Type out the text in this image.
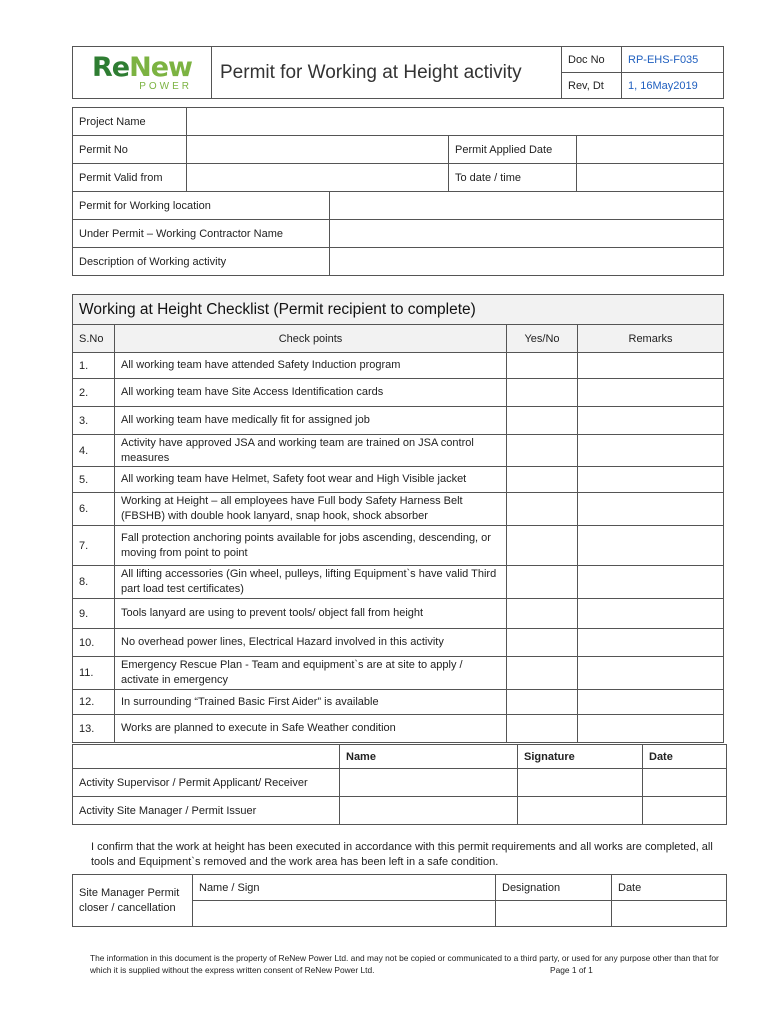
ReNew
POWER	Permit for Working at Height activity	Doc No	RP-EHS-F035
		Rev, Dt	1, 16May2019
Project Name				
Permit No			Permit Applied Date	
Permit Valid from			To date / time	
Permit for Working location				
Under Permit – Working Contractor Name				
Description of Working activity				
Working at Height Checklist (Permit recipient to complete)			
S.No	Check points	Yes/No	Remarks
1.	All working team have attended Safety Induction program		
2.	All working team have Site Access Identification cards		
3.	All working team have medically fit for assigned job		
4.	Activity have approved JSA and working team are trained on JSA control measures		
5.	All working team have Helmet, Safety foot wear and High Visible jacket		
6.	Working at Height – all employees have Full body Safety Harness Belt (FBSHB) with double hook lanyard, snap hook, shock absorber		
7.	Fall protection anchoring points available for jobs ascending, descending, or moving from point to point		
8.	All lifting accessories (Gin wheel, pulleys, lifting Equipment`s have valid Third part load test certificates)		
9.	Tools lanyard are using to prevent tools/ object fall from height		
10.	No overhead power lines, Electrical Hazard involved in this activity		
11.	Emergency Rescue Plan - Team and equipment`s are at site to apply / activate in emergency		
12.	In surrounding “Trained Basic First Aider” is available		
13.	Works are planned to execute in Safe Weather condition		
	Name	Signature	Date
Activity Supervisor / Permit Applicant/ Receiver			
Activity Site Manager / Permit Issuer			
I confirm that the work at height has been executed in accordance with this permit requirements and all works are completed, all tools and Equipment`s removed and the work area has been left in a safe condition.
Site Manager Permit closer / cancellation	Name / Sign	Designation	Date

The information in this document is the property of ReNew Power Ltd. and may not be copied or communicated to a third party, or used for any purpose other than that for which it is supplied without the express written consent of ReNew Power Ltd.	Page 1 of 1
